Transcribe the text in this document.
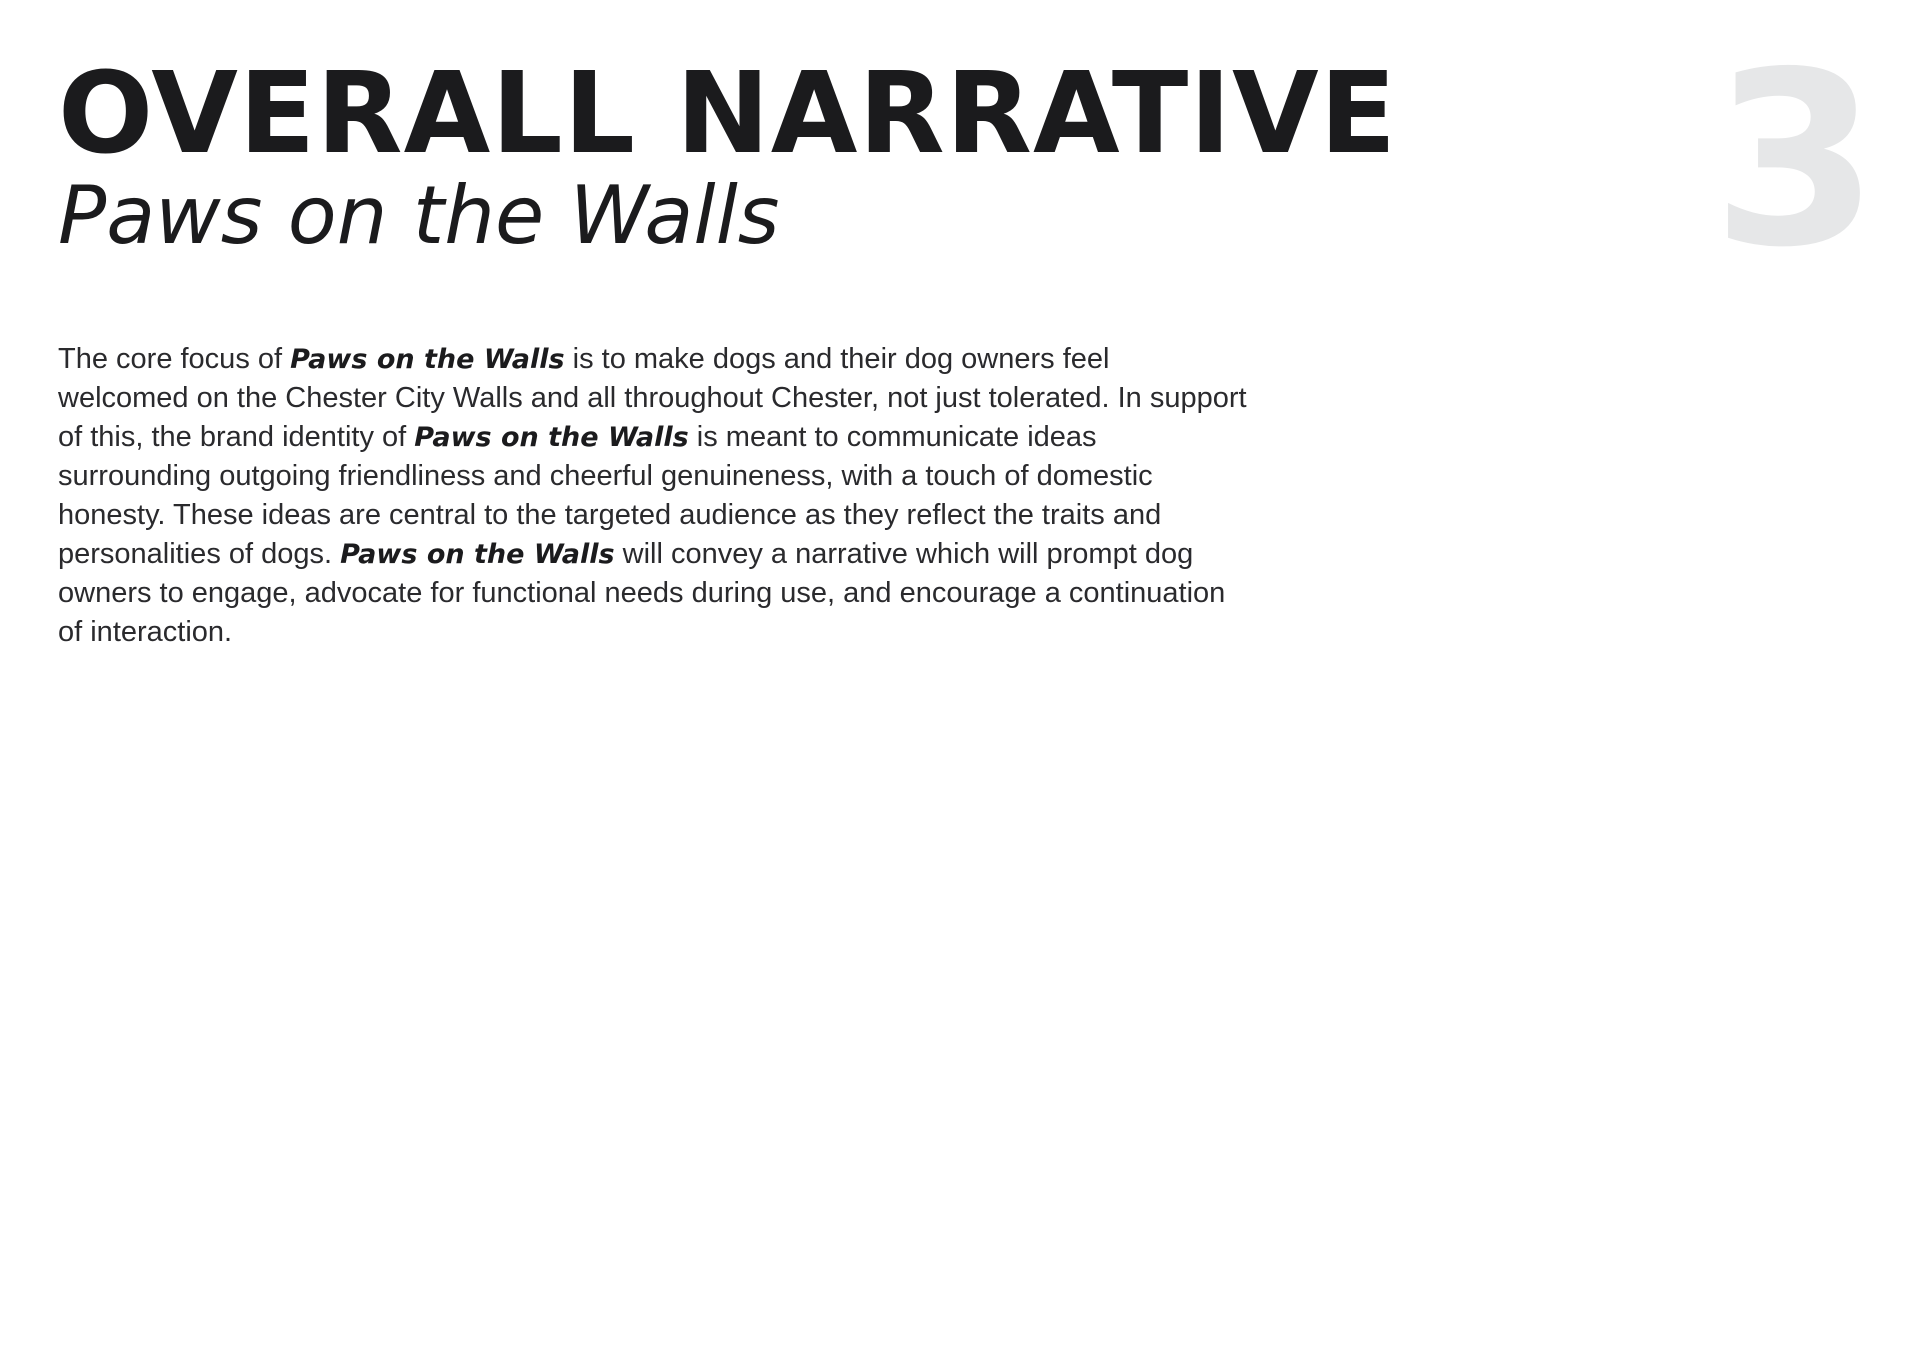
OVERALL NARRATIVE
Paws on the Walls	3

The core focus of Paws on the Walls is to make dogs and their dog owners feel welcomed on the Chester City Walls and all throughout Chester, not just tolerated. In support of this, the brand identity of Paws on the Walls is meant to communicate ideas surrounding outgoing friendliness and cheerful genuineness, with a touch of domestic honesty. These ideas are central to the targeted audience as they reflect the traits and personalities of dogs. Paws on the Walls will convey a narrative which will prompt dog owners to engage, advocate for functional needs during use, and encourage a continuation of interaction.
